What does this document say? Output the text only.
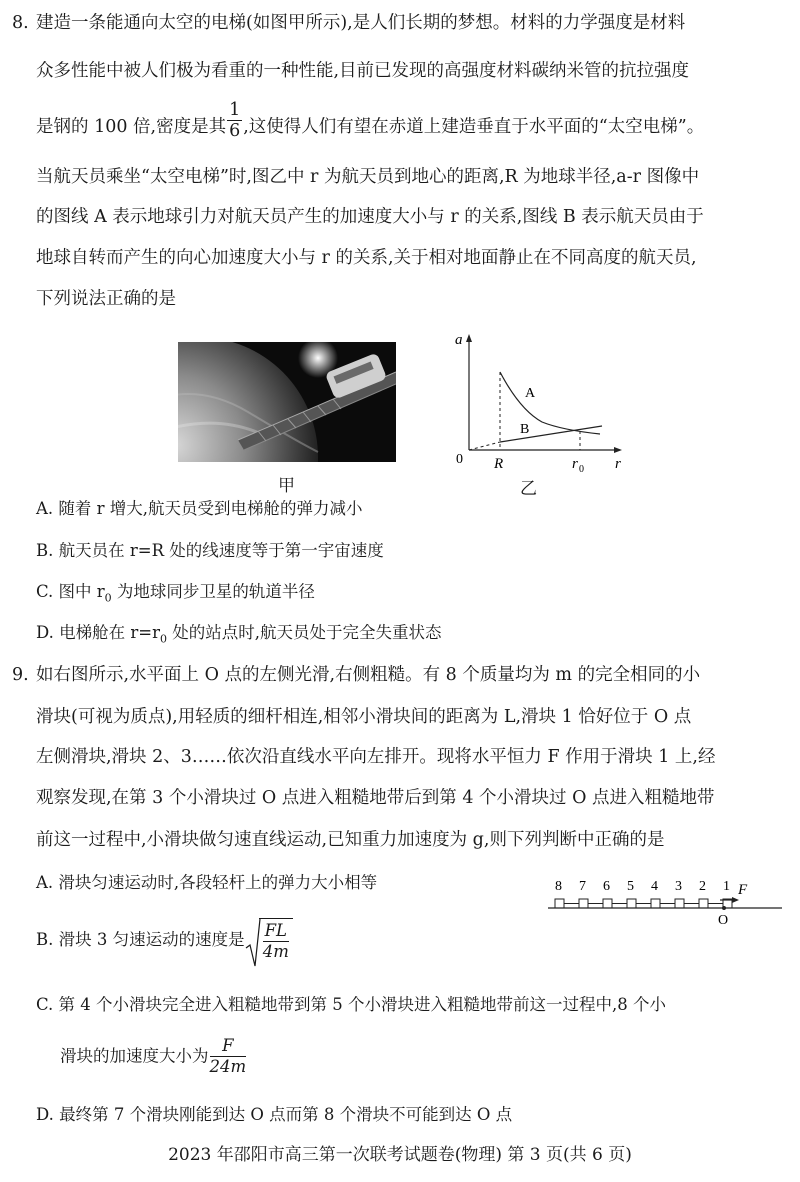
8. 建造一条能通向太空的电梯(如图甲所示),是人们长期的梦想。材料的力学强度是材料
众多性能中被人们极为看重的一种性能,目前已发现的高强度材料碳纳米管的抗拉强度
是钢的 100 倍,密度是其 $\frac{1}{6}$ ,这使得人们有望在赤道上建造垂直于水平面的“太空电梯”。
当航天员乘坐“太空电梯”时,图乙中 r 为航天员到地心的距离,R 为地球半径,a-r 图像中
的图线 A 表示地球引力对航天员产生的加速度大小与 r 的关系,图线 B 表示航天员由于
地球自转而产生的向心加速度大小与 r 的关系,关于相对地面静止在不同高度的航天员,
下列说法正确的是
甲
a
r
0 R	r 0
A
B
乙
A. 随着 r 增大,航天员受到电梯舱的弹力减小
B. 航天员在 r=R 处的线速度等于第一宇宙速度
C. 图中 $r_0$ 为地球同步卫星的轨道半径
D. 电梯舱在 $r=r_0$ 处的站点时,航天员处于完全失重状态
9. 如右图所示,水平面上 O 点的左侧光滑,右侧粗糙。有 8 个质量均为 m 的完全相同的小
滑块(可视为质点),用轻质的细杆相连,相邻小滑块间的距离为 L,滑块 1 恰好位于 O 点
左侧滑块,滑块 2、3……依次沿直线水平向左排开。现将水平恒力 F 作用于滑块 1 上,经
观察发现,在第 3 个小滑块过 O 点进入粗糙地带后到第 4 个小滑块过 O 点进入粗糙地带
前这一过程中,小滑块做匀速直线运动,已知重力加速度为 g,则下列判断中正确的是
A. 滑块匀速运动时,各段轻杆上的弹力大小相等	8 7 6 5 4 3 2 1 F
O
B. 滑块 3 匀速运动的速度是 $\frac{FL}{4m}$
C. 第 4 个小滑块完全进入粗糙地带到第 5 个小滑块进入粗糙地带前这一过程中,8 个小
滑块的加速度大小为 $\frac{F}{24m}$
D. 最终第 7 个滑块刚能到达 O 点而第 8 个滑块不可能到达 O 点
2023 年邵阳市高三第一次联考试题卷(物理) 第 3 页(共 6 页)
